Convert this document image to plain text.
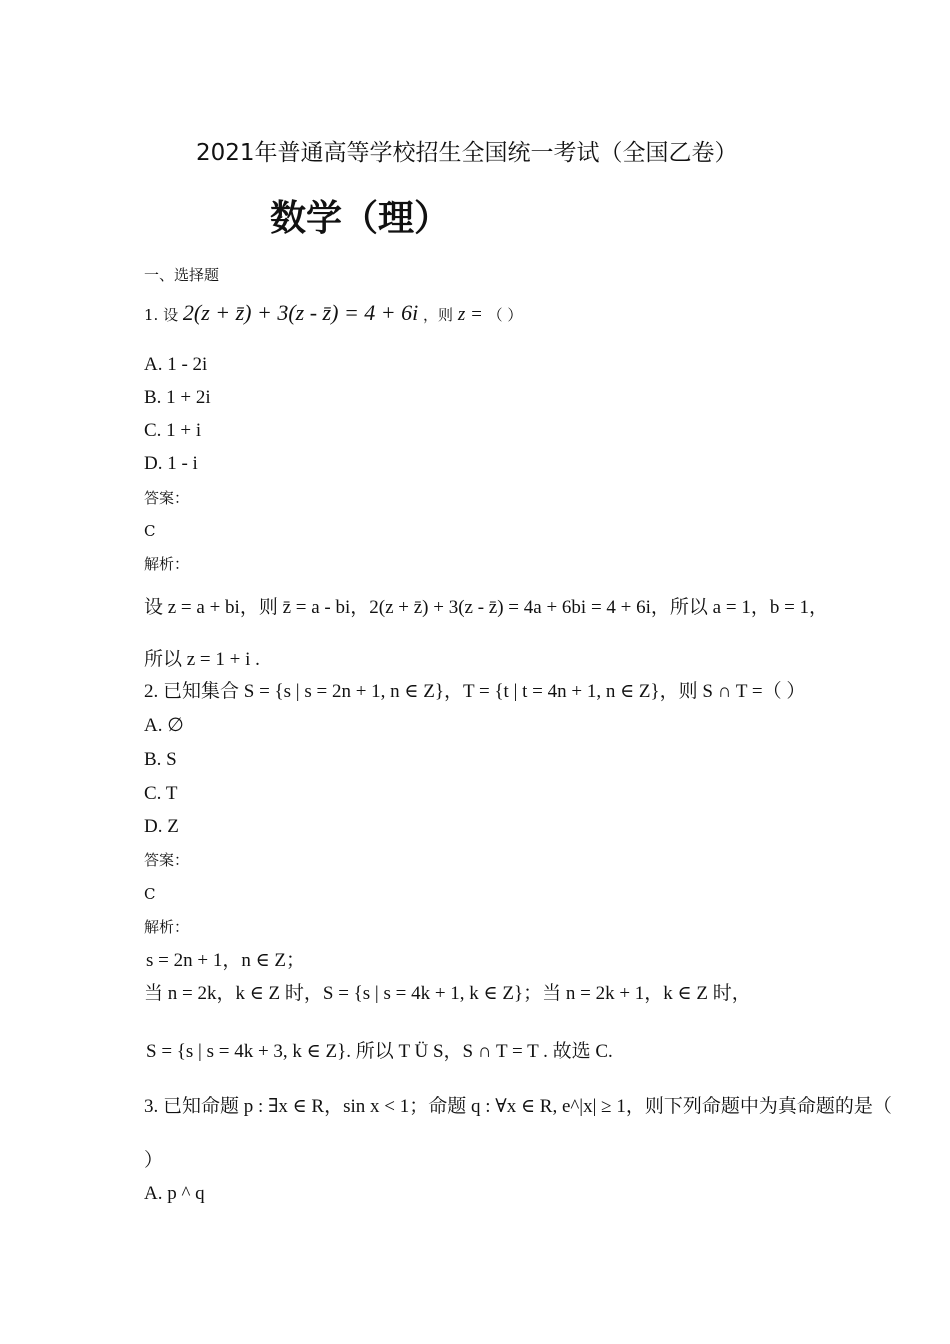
2021年普通高等学校招生全国统一考试（全国乙卷）
数学（理）
一、选择题
1. 设 2(z + z̄) + 3(z - z̄) = 4 + 6i ，则 z = （ ）
A. 1 - 2i
B. 1 + 2i
C. 1 + i
D. 1 - i
答案：
C
解析：
设 z = a + bi，则 z̄ = a - bi，2(z + z̄) + 3(z - z̄) = 4a + 6bi = 4 + 6i，所以 a = 1，b = 1，
所以 z = 1 + i .
2. 已知集合 S = {s | s = 2n + 1, n ∈ Z}，T = {t | t = 4n + 1, n ∈ Z}，则 S ∩ T =（ ）
A. ∅
B. S
C. T
D. Z
答案：
C
解析：
s = 2n + 1，n ∈ Z；
当 n = 2k，k ∈ Z 时，S = {s | s = 4k + 1, k ∈ Z}；当 n = 2k + 1，k ∈ Z 时，
S = {s | s = 4k + 3, k ∈ Z}. 所以 T Ü S，S ∩ T = T . 故选 C.
3. 已知命题 p : ∃x ∈ R，sin x < 1；命题 q : ∀x ∈ R, e^|x| ≥ 1，则下列命题中为真命题的是（
）
A. p ^ q
